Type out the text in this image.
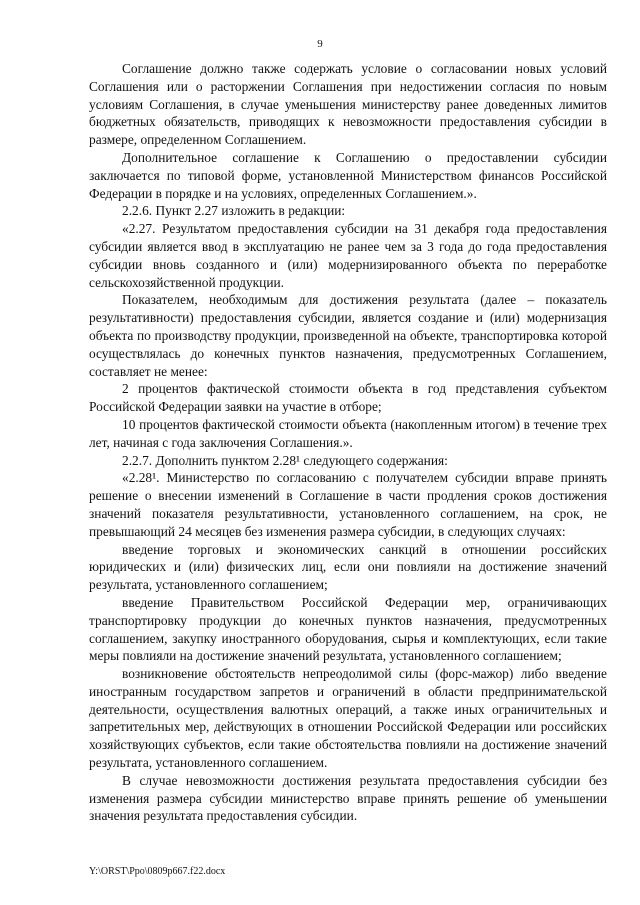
9

Соглашение должно также содержать условие о согласовании новых условий Соглашения или о расторжении Соглашения при недостижении согласия по новым условиям Соглашения, в случае уменьшения министерству ранее доведенных лимитов бюджетных обязательств, приводящих к невозможности предоставления субсидии в размере, определенном Соглашением.

Дополнительное соглашение к Соглашению о предоставлении субсидии заключается по типовой форме, установленной Министерством финансов Российской Федерации в порядке и на условиях, определенных Соглашением.».

2.2.6. Пункт 2.27 изложить в редакции:

«2.27. Результатом предоставления субсидии на 31 декабря года предоставления субсидии является ввод в эксплуатацию не ранее чем за 3 года до года предоставления субсидии вновь созданного и (или) модернизированного объекта по переработке сельскохозяйственной продукции.

Показателем, необходимым для достижения результата (далее – показатель результативности) предоставления субсидии, является создание и (или) модернизация объекта по производству продукции, произведенной на объекте, транспортировка которой осуществлялась до конечных пунктов назначения, предусмотренных Соглашением, составляет не менее:

2 процентов фактической стоимости объекта в год представления субъектом Российской Федерации заявки на участие в отборе;

10 процентов фактической стоимости объекта (накопленным итогом) в течение трех лет, начиная с года заключения Соглашения.».

2.2.7. Дополнить пунктом 2.28¹ следующего содержания:

«2.28¹. Министерство по согласованию с получателем субсидии вправе принять решение о внесении изменений в Соглашение в части продления сроков достижения значений показателя результативности, установленного соглашением, на срок, не превышающий 24 месяцев без изменения размера субсидии, в следующих случаях:

введение торговых и экономических санкций в отношении российских юридических и (или) физических лиц, если они повлияли на достижение значений результата, установленного соглашением;

введение Правительством Российской Федерации мер, ограничивающих транспортировку продукции до конечных пунктов назначения, предусмотренных соглашением, закупку иностранного оборудования, сырья и комплектующих, если такие меры повлияли на достижение значений результата, установленного соглашением;

возникновение обстоятельств непреодолимой силы (форс-мажор) либо введение иностранным государством запретов и ограничений в области предпринимательской деятельности, осуществления валютных операций, а также иных ограничительных и запретительных мер, действующих в отношении Российской Федерации или российских хозяйствующих субъектов, если такие обстоятельства повлияли на достижение значений результата, установленного соглашением.

В случае невозможности достижения результата предоставления субсидии без изменения размера субсидии министерство вправе принять решение об уменьшении значения результата предоставления субсидии.

Y:\ORST\Ppo\0809p667.f22.docx
